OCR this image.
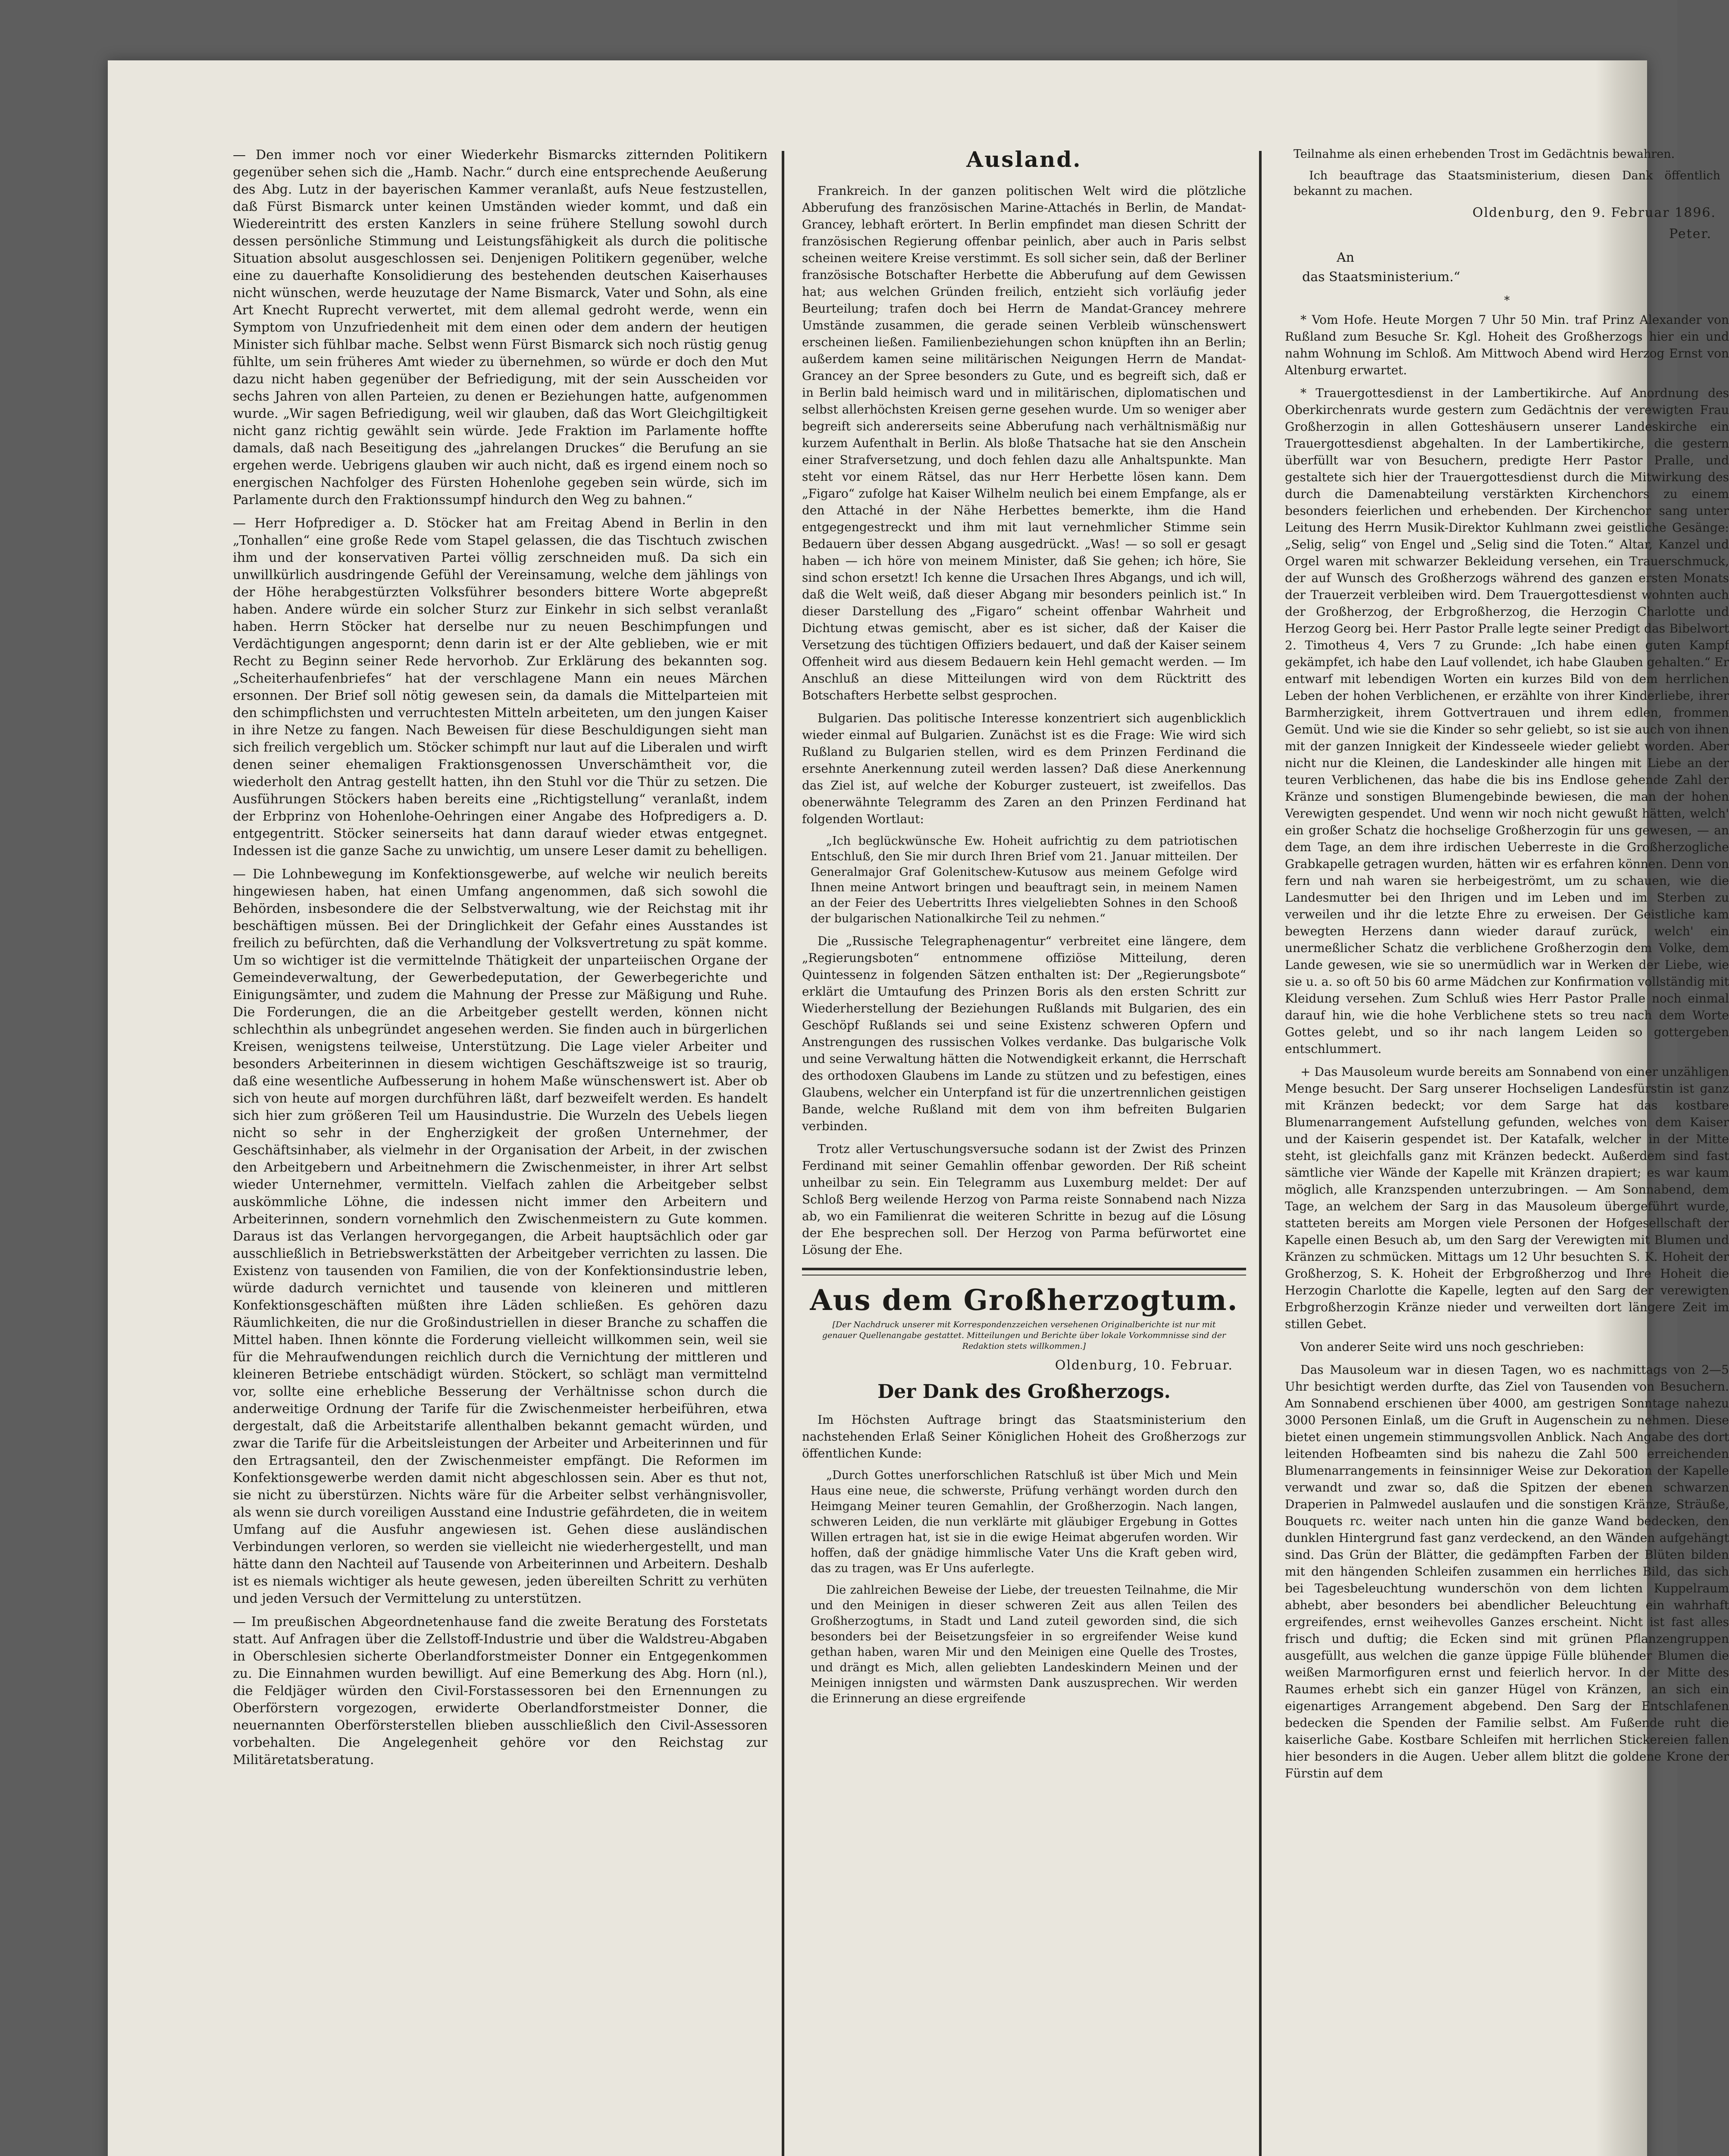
— Den immer noch vor einer Wiederkehr Bismarcks zitternden Politikern gegenüber sehen sich die „Hamb. Nachr.“ durch eine entsprechende Aeußerung des Abg. Lutz in der bayerischen Kammer veranlaßt, aufs Neue festzustellen, daß Fürst Bismarck unter keinen Umständen wieder kommt, und daß ein Wiedereintritt des ersten Kanzlers in seine frühere Stellung sowohl durch dessen persönliche Stimmung und Leistungsfähigkeit als durch die politische Situation absolut ausgeschlossen sei. Denjenigen Politikern gegenüber, welche eine zu dauerhafte Konsolidierung des bestehenden deutschen Kaiserhauses nicht wünschen, werde heuzutage der Name Bismarck, Vater und Sohn, als eine Art Knecht Ruprecht verwertet, mit dem allemal gedroht werde, wenn ein Symptom von Unzufriedenheit mit dem einen oder dem andern der heutigen Minister sich fühlbar mache. Selbst wenn Fürst Bismarck sich noch rüstig genug fühlte, um sein früheres Amt wieder zu übernehmen, so würde er doch den Mut dazu nicht haben gegenüber der Befriedigung, mit der sein Ausscheiden vor sechs Jahren von allen Parteien, zu denen er Beziehungen hatte, aufgenommen wurde. „Wir sagen Befriedigung, weil wir glauben, daß das Wort Gleichgiltigkeit nicht ganz richtig gewählt sein würde. Jede Fraktion im Parlamente hoffte damals, daß nach Beseitigung des „jahrelangen Druckes“ die Berufung an sie ergehen werde. Uebrigens glauben wir auch nicht, daß es irgend einem noch so energischen Nachfolger des Fürsten Hohenlohe gegeben sein würde, sich im Parlamente durch den Fraktionssumpf hindurch den Weg zu bahnen.“

— Herr Hofprediger a. D. Stöcker hat am Freitag Abend in Berlin in den „Tonhallen“ eine große Rede vom Stapel gelassen, die das Tischtuch zwischen ihm und der konservativen Partei völlig zerschneiden muß. Da sich ein unwillkürlich ausdringende Gefühl der Vereinsamung, welche dem jählings von der Höhe herabgestürzten Volksführer besonders bittere Worte abgepreßt haben. Andere würde ein solcher Sturz zur Einkehr in sich selbst veranlaßt haben. Herrn Stöcker hat derselbe nur zu neuen Beschimpfungen und Verdächtigungen angespornt; denn darin ist er der Alte geblieben, wie er mit Recht zu Beginn seiner Rede hervorhob. Zur Erklärung des bekannten sog. „Scheiterhaufenbriefes“ hat der verschlagene Mann ein neues Märchen ersonnen. Der Brief soll nötig gewesen sein, da damals die Mittelparteien mit den schimpflichsten und verruchtesten Mitteln arbeiteten, um den jungen Kaiser in ihre Netze zu fangen. Nach Beweisen für diese Beschuldigungen sieht man sich freilich vergeblich um. Stöcker schimpft nur laut auf die Liberalen und wirft denen seiner ehemaligen Fraktionsgenossen Unverschämtheit vor, die wiederholt den Antrag gestellt hatten, ihn den Stuhl vor die Thür zu setzen. Die Ausführungen Stöckers haben bereits eine „Richtigstellung“ veranlaßt, indem der Erbprinz von Hohenlohe-Oehringen einer Angabe des Hofpredigers a. D. entgegentritt. Stöcker seinerseits hat dann darauf wieder etwas entgegnet. Indessen ist die ganze Sache zu unwichtig, um unsere Leser damit zu behelligen.

— Die Lohnbewegung im Konfektionsgewerbe, auf welche wir neulich bereits hingewiesen haben, hat einen Umfang angenommen, daß sich sowohl die Behörden, insbesondere die der Selbstverwaltung, wie der Reichstag mit ihr beschäftigen müssen. Bei der Dringlichkeit der Gefahr eines Ausstandes ist freilich zu befürchten, daß die Verhandlung der Volksvertretung zu spät komme. Um so wichtiger ist die vermittelnde Thätigkeit der unparteiischen Organe der Gemeindeverwaltung, der Gewerbedeputation, der Gewerbegerichte und Einigungsämter, und zudem die Mahnung der Presse zur Mäßigung und Ruhe. Die Forderungen, die an die Arbeitgeber gestellt werden, können nicht schlechthin als unbegründet angesehen werden. Sie finden auch in bürgerlichen Kreisen, wenigstens teilweise, Unterstützung. Die Lage vieler Arbeiter und besonders Arbeiterinnen in diesem wichtigen Geschäftszweige ist so traurig, daß eine wesentliche Aufbesserung in hohem Maße wünschenswert ist. Aber ob sich von heute auf morgen durchführen läßt, darf bezweifelt werden. Es handelt sich hier zum größeren Teil um Hausindustrie. Die Wurzeln des Uebels liegen nicht so sehr in der Engherzigkeit der großen Unternehmer, der Geschäftsinhaber, als vielmehr in der Organisation der Arbeit, in der zwischen den Arbeitgebern und Arbeitnehmern die Zwischenmeister, in ihrer Art selbst wieder Unternehmer, vermitteln. Vielfach zahlen die Arbeitgeber selbst auskömmliche Löhne, die indessen nicht immer den Arbeitern und Arbeiterinnen, sondern vornehmlich den Zwischenmeistern zu Gute kommen. Daraus ist das Verlangen hervorgegangen, die Arbeit hauptsächlich oder gar ausschließlich in Betriebswerkstätten der Arbeitgeber verrichten zu lassen. Die Existenz von tausenden von Familien, die von der Konfektionsindustrie leben, würde dadurch vernichtet und tausende von kleineren und mittleren Konfektionsgeschäften müßten ihre Läden schließen. Es gehören dazu Räumlichkeiten, die nur die Großindustriellen in dieser Branche zu schaffen die Mittel haben. Ihnen könnte die Forderung vielleicht willkommen sein, weil sie für die Mehraufwendungen reichlich durch die Vernichtung der mittleren und kleineren Betriebe entschädigt würden. Stöckert, so schlägt man vermittelnd vor, sollte eine erhebliche Besserung der Verhältnisse schon durch die anderweitige Ordnung der Tarife für die Zwischenmeister herbeiführen, etwa dergestalt, daß die Arbeitstarife allenthalben bekannt gemacht würden, und zwar die Tarife für die Arbeitsleistungen der Arbeiter und Arbeiterinnen und für den Ertragsanteil, den der Zwischenmeister empfängt. Die Reformen im Konfektionsgewerbe werden damit nicht abgeschlossen sein. Aber es thut not, sie nicht zu überstürzen. Nichts wäre für die Arbeiter selbst verhängnisvoller, als wenn sie durch voreiligen Ausstand eine Industrie gefährdeten, die in weitem Umfang auf die Ausfuhr angewiesen ist. Gehen diese ausländischen Verbindungen verloren, so werden sie vielleicht nie wiederhergestellt, und man hätte dann den Nachteil auf Tausende von Arbeiterinnen und Arbeitern. Deshalb ist es niemals wichtiger als heute gewesen, jeden übereilten Schritt zu verhüten und jeden Versuch der Vermittelung zu unterstützen.

— Im preußischen Abgeordnetenhause fand die zweite Beratung des Forstetats statt. Auf Anfragen über die Zellstoff-Industrie und über die Waldstreu-Abgaben in Oberschlesien sicherte Oberlandforstmeister Donner ein Entgegenkommen zu. Die Einnahmen wurden bewilligt. Auf eine Bemerkung des Abg. Horn (nl.), die Feldjäger würden den Civil-Forstassessoren bei den Ernennungen zu Oberförstern vorgezogen, erwiderte Oberlandforstmeister Donner, die neuernannten Oberförsterstellen blieben ausschließlich den Civil-Assessoren vorbehalten. Die Angelegenheit gehöre vor den Reichstag zur Militäretatsberatung.

Ausland.

Frankreich. In der ganzen politischen Welt wird die plötzliche Abberufung des französischen Marine-Attachés in Berlin, de Mandat-Grancey, lebhaft erörtert. In Berlin empfindet man diesen Schritt der französischen Regierung offenbar peinlich, aber auch in Paris selbst scheinen weitere Kreise verstimmt. Es soll sicher sein, daß der Berliner französische Botschafter Herbette die Abberufung auf dem Gewissen hat; aus welchen Gründen freilich, entzieht sich vorläufig jeder Beurteilung; trafen doch bei Herrn de Mandat-Grancey mehrere Umstände zusammen, die gerade seinen Verbleib wünschenswert erscheinen ließen. Familienbeziehungen schon knüpften ihn an Berlin; außerdem kamen seine militärischen Neigungen Herrn de Mandat-Grancey an der Spree besonders zu Gute, und es begreift sich, daß er in Berlin bald heimisch ward und in militärischen, diplomatischen und selbst allerhöchsten Kreisen gerne gesehen wurde. Um so weniger aber begreift sich andererseits seine Abberufung nach verhältnismäßig nur kurzem Aufenthalt in Berlin. Als bloße Thatsache hat sie den Anschein einer Strafversetzung, und doch fehlen dazu alle Anhaltspunkte. Man steht vor einem Rätsel, das nur Herr Herbette lösen kann. Dem „Figaro“ zufolge hat Kaiser Wilhelm neulich bei einem Empfange, als er den Attaché in der Nähe Herbettes bemerkte, ihm die Hand entgegengestreckt und ihm mit laut vernehmlicher Stimme sein Bedauern über dessen Abgang ausgedrückt. „Was! — so soll er gesagt haben — ich höre von meinem Minister, daß Sie gehen; ich höre, Sie sind schon ersetzt! Ich kenne die Ursachen Ihres Abgangs, und ich will, daß die Welt weiß, daß dieser Abgang mir besonders peinlich ist.“ In dieser Darstellung des „Figaro“ scheint offenbar Wahrheit und Dichtung etwas gemischt, aber es ist sicher, daß der Kaiser die Versetzung des tüchtigen Offiziers bedauert, und daß der Kaiser seinem Offenheit wird aus diesem Bedauern kein Hehl gemacht werden. — Im Anschluß an diese Mitteilungen wird von dem Rücktritt des Botschafters Herbette selbst gesprochen.

Bulgarien. Das politische Interesse konzentriert sich augenblicklich wieder einmal auf Bulgarien. Zunächst ist es die Frage: Wie wird sich Rußland zu Bulgarien stellen, wird es dem Prinzen Ferdinand die ersehnte Anerkennung zuteil werden lassen? Daß diese Anerkennung das Ziel ist, auf welche der Koburger zusteuert, ist zweifellos. Das obenerwähnte Telegramm des Zaren an den Prinzen Ferdinand hat folgenden Wortlaut:

„Ich beglückwünsche Ew. Hoheit aufrichtig zu dem patriotischen Entschluß, den Sie mir durch Ihren Brief vom 21. Januar mitteilen. Der Generalmajor Graf Golenitschew-Kutusow aus meinem Gefolge wird Ihnen meine Antwort bringen und beauftragt sein, in meinem Namen an der Feier des Uebertritts Ihres vielgeliebten Sohnes in den Schooß der bulgarischen Nationalkirche Teil zu nehmen.“

Die „Russische Telegraphenagentur“ verbreitet eine längere, dem „Regierungsboten“ entnommene offiziöse Mitteilung, deren Quintessenz in folgenden Sätzen enthalten ist: Der „Regierungsbote“ erklärt die Umtaufung des Prinzen Boris als den ersten Schritt zur Wiederherstellung der Beziehungen Rußlands mit Bulgarien, des ein Geschöpf Rußlands sei und seine Existenz schweren Opfern und Anstrengungen des russischen Volkes verdanke. Das bulgarische Volk und seine Verwaltung hätten die Notwendigkeit erkannt, die Herrschaft des orthodoxen Glaubens im Lande zu stützen und zu befestigen, eines Glaubens, welcher ein Unterpfand ist für die unzertrennlichen geistigen Bande, welche Rußland mit dem von ihm befreiten Bulgarien verbinden.

Trotz aller Vertuschungsversuche sodann ist der Zwist des Prinzen Ferdinand mit seiner Gemahlin offenbar geworden. Der Riß scheint unheilbar zu sein. Ein Telegramm aus Luxemburg meldet: Der auf Schloß Berg weilende Herzog von Parma reiste Sonnabend nach Nizza ab, wo ein Familienrat die weiteren Schritte in bezug auf die Lösung der Ehe besprechen soll. Der Herzog von Parma befürwortet eine Lösung der Ehe.

Aus dem Großherzogtum.
[Der Nachdruck unserer mit Korrespondenzzeichen versehenen Originalberichte ist nur mit genauer Quellenangabe gestattet. Mitteilungen und Berichte über lokale Vorkommnisse sind der Redaktion stets willkommen.]
Oldenburg, 10. Februar.
Der Dank des Großherzogs.

Im Höchsten Auftrage bringt das Staatsministerium den nachstehenden Erlaß Seiner Königlichen Hoheit des Großherzogs zur öffentlichen Kunde:

„Durch Gottes unerforschlichen Ratschluß ist über Mich und Mein Haus eine neue, die schwerste, Prüfung verhängt worden durch den Heimgang Meiner teuren Gemahlin, der Großherzogin. Nach langen, schweren Leiden, die nun verklärte mit gläubiger Ergebung in Gottes Willen ertragen hat, ist sie in die ewige Heimat abgerufen worden. Wir hoffen, daß der gnädige himmlische Vater Uns die Kraft geben wird, das zu tragen, was Er Uns auferlegte.

Die zahlreichen Beweise der Liebe, der treuesten Teilnahme, die Mir und den Meinigen in dieser schweren Zeit aus allen Teilen des Großherzogtums, in Stadt und Land zuteil geworden sind, die sich besonders bei der Beisetzungsfeier in so ergreifender Weise kund gethan haben, waren Mir und den Meinigen eine Quelle des Trostes, und drängt es Mich, allen geliebten Landeskindern Meinen und der Meinigen innigsten und wärmsten Dank auszusprechen. Wir werden die Erinnerung an diese ergreifende

Teilnahme als einen erhebenden Trost im Gedächtnis bewahren.

Ich beauftrage das Staatsministerium, diesen Dank öffentlich bekannt zu machen.

Oldenburg, den 9. Februar 1896.
Peter.
An
das Staatsministerium.“
*

* Vom Hofe. Heute Morgen 7 Uhr 50 Min. traf Prinz Alexander von Rußland zum Besuche Sr. Kgl. Hoheit des Großherzogs hier ein und nahm Wohnung im Schloß. Am Mittwoch Abend wird Herzog Ernst von Altenburg erwartet.

* Trauergottesdienst in der Lambertikirche. Auf Anordnung des Oberkirchenrats wurde gestern zum Gedächtnis der verewigten Frau Großherzogin in allen Gotteshäusern unserer Landeskirche ein Trauergottesdienst abgehalten. In der Lambertikirche, die gestern überfüllt war von Besuchern, predigte Herr Pastor Pralle, und gestaltete sich hier der Trauergottesdienst durch die Mitwirkung des durch die Damenabteilung verstärkten Kirchenchors zu einem besonders feierlichen und erhebenden. Der Kirchenchor sang unter Leitung des Herrn Musik-Direktor Kuhlmann zwei geistliche Gesänge: „Selig, selig“ von Engel und „Selig sind die Toten.“ Altar, Kanzel und Orgel waren mit schwarzer Bekleidung versehen, ein Trauerschmuck, der auf Wunsch des Großherzogs während des ganzen ersten Monats der Trauerzeit verbleiben wird. Dem Trauergottesdienst wohnten auch der Großherzog, der Erbgroßherzog, die Herzogin Charlotte und Herzog Georg bei. Herr Pastor Pralle legte seiner Predigt das Bibelwort 2. Timotheus 4, Vers 7 zu Grunde: „Ich habe einen guten Kampf gekämpfet, ich habe den Lauf vollendet, ich habe Glauben gehalten.“ Er entwarf mit lebendigen Worten ein kurzes Bild von dem herrlichen Leben der hohen Verblichenen, er erzählte von ihrer Kinderliebe, ihrer Barmherzigkeit, ihrem Gottvertrauen und ihrem edlen, frommen Gemüt. Und wie sie die Kinder so sehr geliebt, so ist sie auch von ihnen mit der ganzen Innigkeit der Kindesseele wieder geliebt worden. Aber nicht nur die Kleinen, die Landeskinder alle hingen mit Liebe an der teuren Verblichenen, das habe die bis ins Endlose gehende Zahl der Kränze und sonstigen Blumengebinde bewiesen, die man der hohen Verewigten gespendet. Und wenn wir noch nicht gewußt hätten, welch' ein großer Schatz die hochselige Großherzogin für uns gewesen, — an dem Tage, an dem ihre irdischen Ueberreste in die Großherzogliche Grabkapelle getragen wurden, hätten wir es erfahren können. Denn von fern und nah waren sie herbeigeströmt, um zu schauen, wie die Landesmutter bei den Ihrigen und im Leben und im Sterben zu verweilen und ihr die letzte Ehre zu erweisen. Der Geistliche kam bewegten Herzens dann wieder darauf zurück, welch' ein unermeßlicher Schatz die verblichene Großherzogin dem Volke, dem Lande gewesen, wie sie so unermüdlich war in Werken der Liebe, wie sie u. a. so oft 50 bis 60 arme Mädchen zur Konfirmation vollständig mit Kleidung versehen. Zum Schluß wies Herr Pastor Pralle noch einmal darauf hin, wie die hohe Verblichene stets so treu nach dem Worte Gottes gelebt, und so ihr nach langem Leiden so gottergeben entschlummert.

+ Das Mausoleum wurde bereits am Sonnabend von einer unzähligen Menge besucht. Der Sarg unserer Hochseligen Landesfürstin ist ganz mit Kränzen bedeckt; vor dem Sarge hat das kostbare Blumenarrangement Aufstellung gefunden, welches von dem Kaiser und der Kaiserin gespendet ist. Der Katafalk, welcher in der Mitte steht, ist gleichfalls ganz mit Kränzen bedeckt. Außerdem sind fast sämtliche vier Wände der Kapelle mit Kränzen drapiert; es war kaum möglich, alle Kranzspenden unterzubringen. — Am Sonnabend, dem Tage, an welchem der Sarg in das Mausoleum übergeführt wurde, statteten bereits am Morgen viele Personen der Hofgesellschaft der Kapelle einen Besuch ab, um den Sarg der Verewigten mit Blumen und Kränzen zu schmücken. Mittags um 12 Uhr besuchten S. K. Hoheit der Großherzog, S. K. Hoheit der Erbgroßherzog und Ihre Hoheit die Herzogin Charlotte die Kapelle, legten auf den Sarg der verewigten Erbgroßherzogin Kränze nieder und verweilten dort längere Zeit im stillen Gebet.

Von anderer Seite wird uns noch geschrieben:

Das Mausoleum war in diesen Tagen, wo es nachmittags von 2—5 Uhr besichtigt werden durfte, das Ziel von Tausenden von Besuchern. Am Sonnabend erschienen über 4000, am gestrigen Sonntage nahezu 3000 Personen Einlaß, um die Gruft in Augenschein zu nehmen. Diese bietet einen ungemein stimmungsvollen Anblick. Nach Angabe des dort leitenden Hofbeamten sind bis nahezu die Zahl 500 erreichenden Blumenarrangements in feinsinniger Weise zur Dekoration der Kapelle verwandt und zwar so, daß die Spitzen der ebenen schwarzen Draperien in Palmwedel auslaufen und die sonstigen Kränze, Sträuße, Bouquets rc. weiter nach unten hin die ganze Wand bedecken, den dunklen Hintergrund fast ganz verdeckend, an den Wänden aufgehängt sind. Das Grün der Blätter, die gedämpften Farben der Blüten bilden mit den hängenden Schleifen zusammen ein herrliches Bild, das sich bei Tagesbeleuchtung wunderschön von dem lichten Kuppelraum abhebt, aber besonders bei abendlicher Beleuchtung ein wahrhaft ergreifendes, ernst weihevolles Ganzes erscheint. Nicht ist fast alles frisch und duftig; die Ecken sind mit grünen Pflanzengruppen ausgefüllt, aus welchen die ganze üppige Fülle blühender Blumen die weißen Marmorfiguren ernst und feierlich hervor. In der Mitte des Raumes erhebt sich ein ganzer Hügel von Kränzen, an sich ein eigenartiges Arrangement abgebend. Den Sarg der Entschlafenen bedecken die Spenden der Familie selbst. Am Fußende ruht die kaiserliche Gabe. Kostbare Schleifen mit herrlichen Stickereien fallen hier besonders in die Augen. Ueber allem blitzt die goldene Krone der Fürstin auf dem
